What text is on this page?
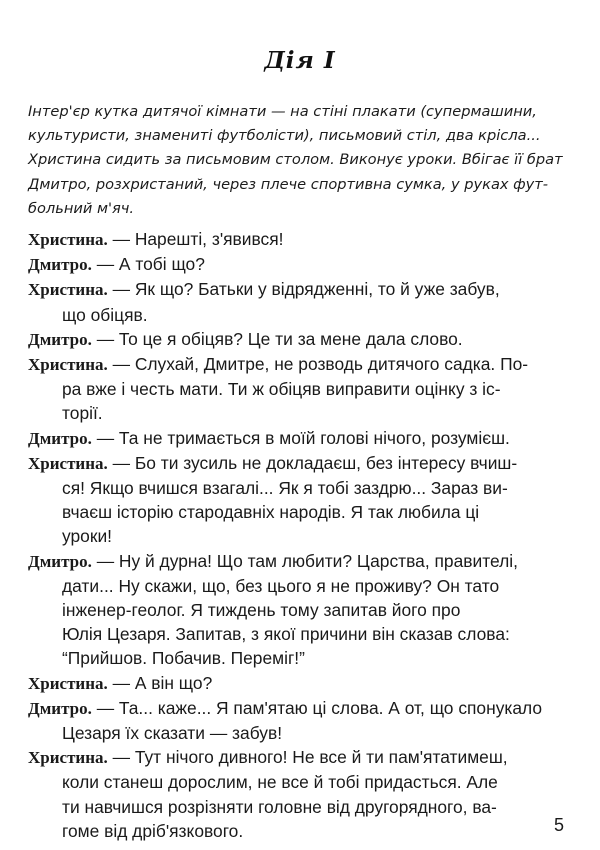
Дія І
Інтер'єр кутка дитячої кімнати — на стіні плакати (супермашини,
культуристи, знамениті футболісти), письмовий стіл, два крісла...
Христина сидить за письмовим столом. Виконує уроки. Вбігає її брат
Дмитро, розхристаний, через плече спортивна сумка, у руках фут-
больний м'яч.
Христина. — Нарешті, з'явився!
Дмитро. — А тобі що?
Христина. — Як що? Батьки у відрядженні, то й уже забув,
що обіцяв.
Дмитро. — То це я обіцяв? Це ти за мене дала слово.
Христина. — Слухай, Дмитре, не розводь дитячого садка. По-
ра вже і честь мати. Ти ж обіцяв виправити оцінку з іс-
торії.
Дмитро. — Та не тримається в моїй голові нічого, розумієш.
Христина. — Бо ти зусиль не докладаєш, без інтересу вчиш-
ся! Якщо вчишся взагалі... Як я тобі заздрю... Зараз ви-
вчаєш історію стародавніх народів. Я так любила ці
уроки!
Дмитро. — Ну й дурна! Що там любити? Царства, правителі,
дати... Ну скажи, що, без цього я не проживу? Он тато
інженер-геолог. Я тиждень тому запитав його про
Юлія Цезаря. Запитав, з якої причини він сказав слова:
“Прийшов. Побачив. Переміг!”
Христина. — А він що?
Дмитро. — Та... каже... Я пам'ятаю ці слова. А от, що спонукало
Цезаря їх сказати — забув!
Христина. — Тут нічого дивного! Не все й ти пам'ятатимеш,
коли станеш дорослим, не все й тобі придасться. Але
ти навчишся розрізняти головне від другорядного, ва-
гоме від дріб'язкового.	5
